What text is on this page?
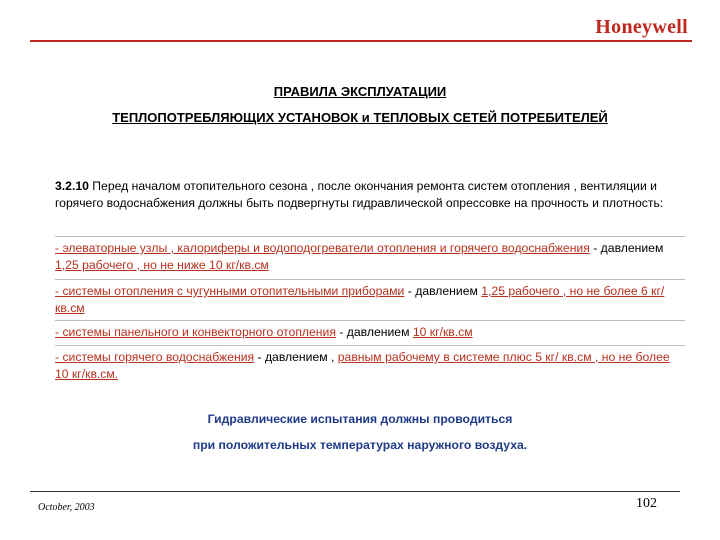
Honeywell
ПРАВИЛА ЭКСПЛУАТАЦИИ
ТЕПЛОПОТРЕБЛЯЮЩИХ УСТАНОВОК и ТЕПЛОВЫХ СЕТЕЙ ПОТРЕБИТЕЛЕЙ
3.2.10 Перед началом отопительного сезона , после окончания ремонта систем отопления , вентиляции и горячего водоснабжения должны быть подвергнуты гидравлической опрессовке на прочность и плотность:
- элеваторные узлы , калориферы и водоподогреватели отопления и горячего водоснабжения - давлением 1,25 рабочего , но не ниже 10 кг/кв.см
- системы отопления с чугунными отопительными приборами - давлением 1,25 рабочего , но не более 6 кг/кв.см
- системы панельного и конвекторного отопления - давлением 10 кг/кв.см
- системы горячего водоснабжения - давлением , равным рабочему в системе плюс 5 кг/ кв.см , но не более 10 кг/кв.см.
Гидравлические испытания должны проводиться
при положительных температурах наружного воздуха.
October, 2003	102
